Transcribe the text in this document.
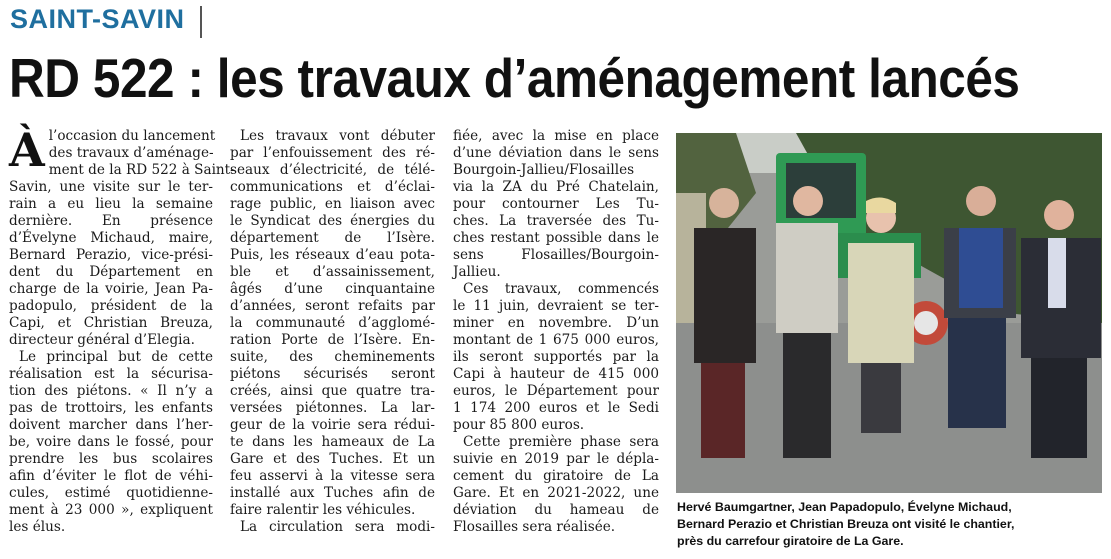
SAINT-SAVIN
RD 522 : les travaux d’aménagement lancés
À l’occasion du lancement
des travaux d’aménage-
ment de la RD 522 à Saint-
Savin, une visite sur le ter-
rain a eu lieu la semaine
dernière. En présence
d’Évelyne Michaud, maire,
Bernard Perazio, vice-prési-
dent du Département en
charge de la voirie, Jean Pa-
padopulo, président de la
Capi, et Christian Breuza,
directeur général d’Elegia.
Le principal but de cette
réalisation est la sécurisa-
tion des piétons. « Il n’y a
pas de trottoirs, les enfants
doivent marcher dans l’her-
be, voire dans le fossé, pour
prendre les bus scolaires
afin d’éviter le flot de véhi-
cules, estimé quotidienne-
ment à 23 000 », expliquent
les élus.
Les travaux vont débuter
par l’enfouissement des ré-
seaux d’électricité, de télé-
communications et d’éclai-
rage public, en liaison avec
le Syndicat des énergies du
département de l’Isère.
Puis, les réseaux d’eau pota-
ble et d’assainissement,
âgés d’une cinquantaine
d’années, seront refaits par
la communauté d’agglomé-
ration Porte de l’Isère. En-
suite, des cheminements
piétons sécurisés seront
créés, ainsi que quatre tra-
versées piétonnes. La lar-
geur de la voirie sera rédui-
te dans les hameaux de La
Gare et des Tuches. Et un
feu asservi à la vitesse sera
installé aux Tuches afin de
faire ralentir les véhicules.
La circulation sera modi-
fiée, avec la mise en place
d’une déviation dans le sens
Bourgoin-Jallieu/Flosailles
via la ZA du Pré Chatelain,
pour contourner Les Tu-
ches. La traversée des Tu-
ches restant possible dans le
sens Flosailles/Bourgoin-
Jallieu.
Ces travaux, commencés
le 11 juin, devraient se ter-
miner en novembre. D’un
montant de 1 675 000 euros,
ils seront supportés par la
Capi à hauteur de 415 000
euros, le Département pour
1 174 200 euros et le Sedi
pour 85 800 euros.
Cette première phase sera
suivie en 2019 par le dépla-
cement du giratoire de La
Gare. Et en 2021-2022, une
déviation du hameau de
Flosailles sera réalisée.
Hervé Baumgartner, Jean Papadopulo, Évelyne Michaud,
Bernard Perazio et Christian Breuza ont visité le chantier,
près du carrefour giratoire de La Gare.
